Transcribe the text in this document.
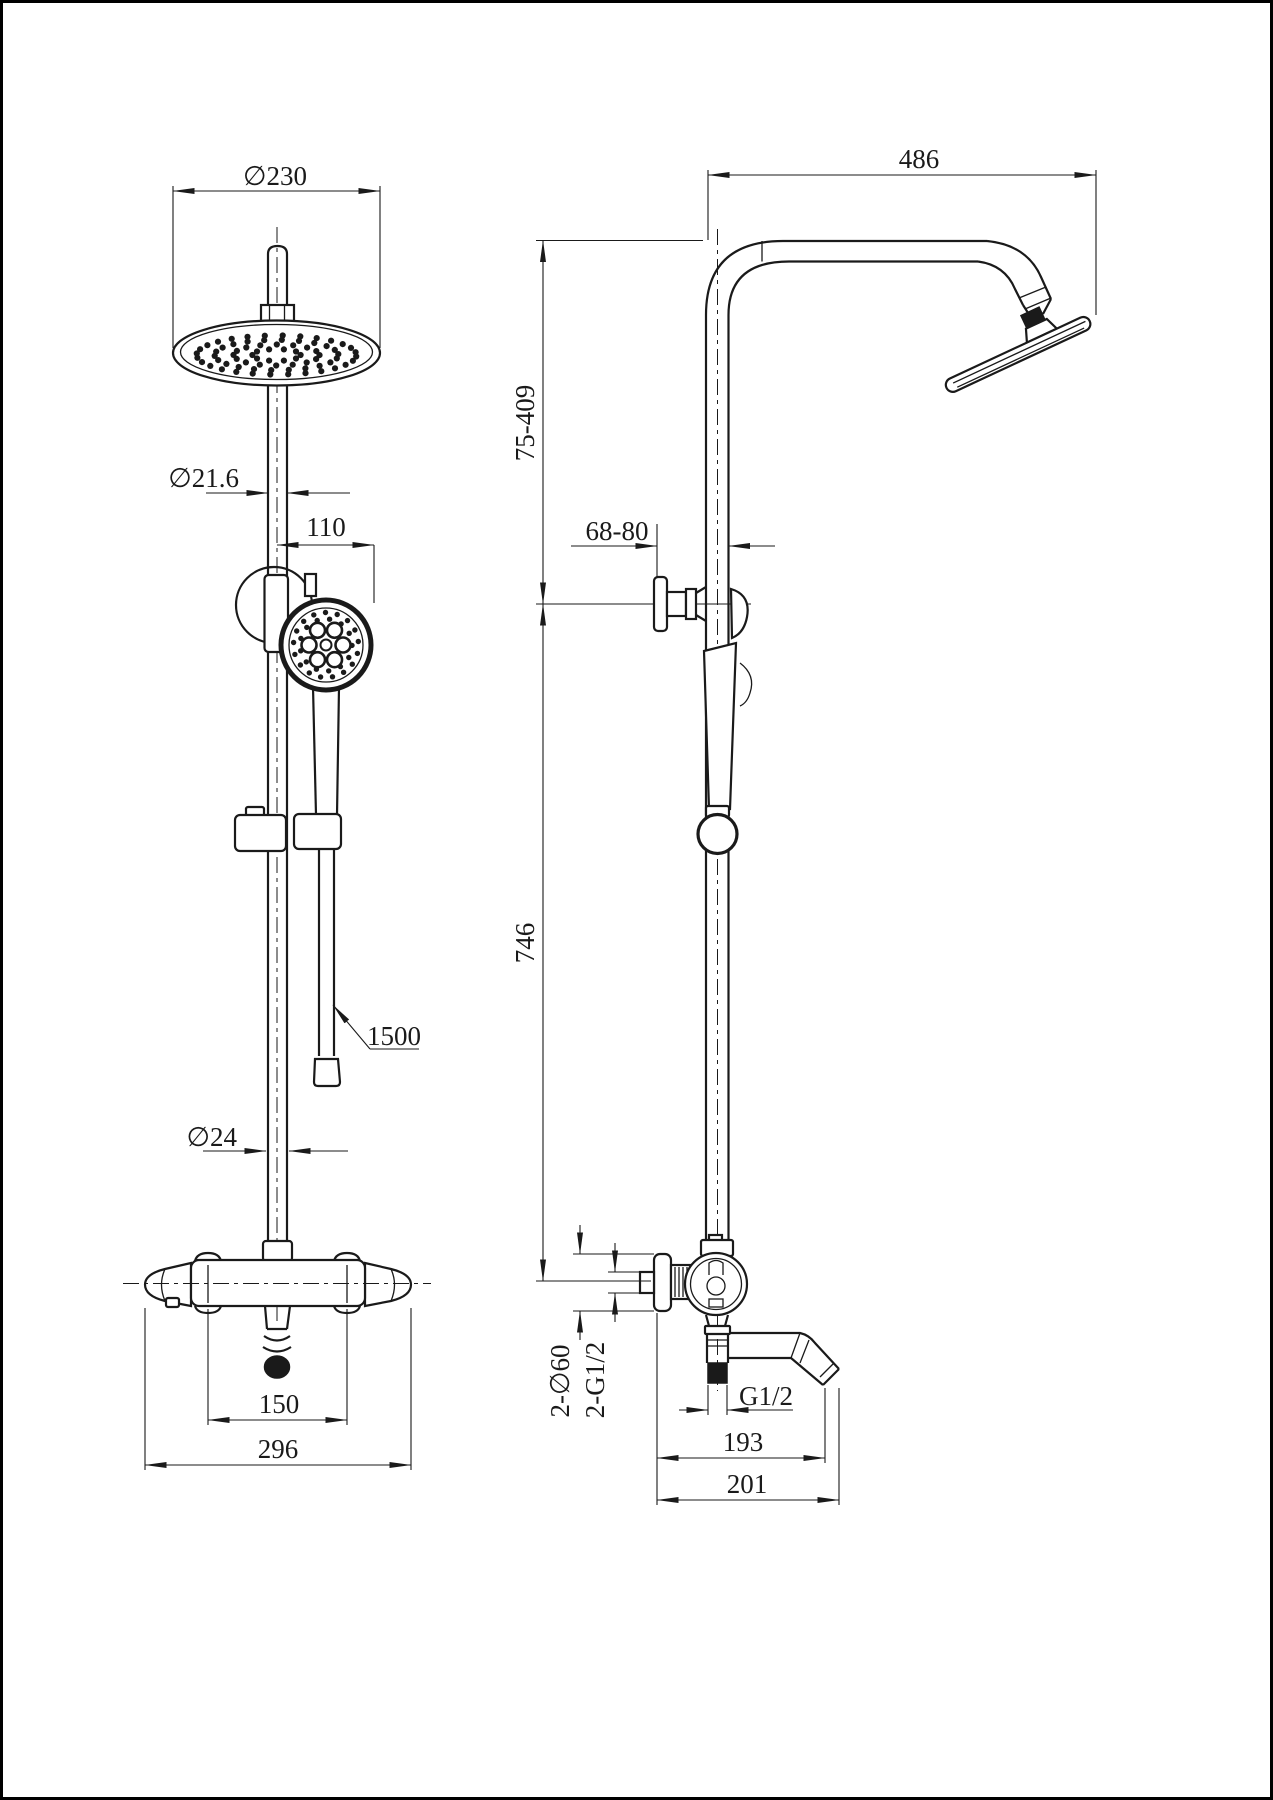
∅230
∅21.6
110
1500
∅24
150
296
486
75-409
68-80
746
2-∅60 2-G1/2	G1/2
193
201
